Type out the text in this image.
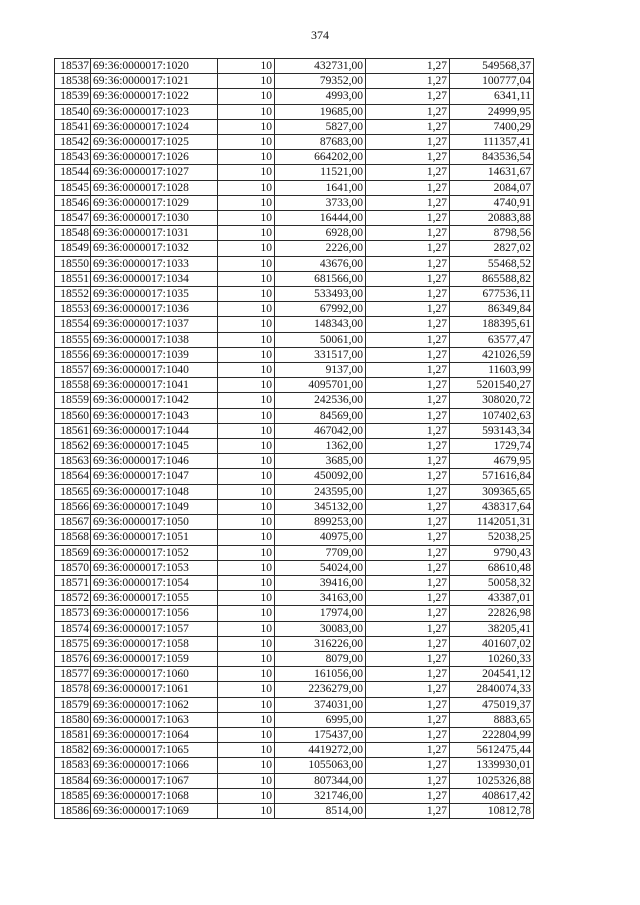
374
18537	69:36:0000017:1020	10	432731,00	1,27	549568,37
18538	69:36:0000017:1021	10	79352,00	1,27	100777,04
18539	69:36:0000017:1022	10	4993,00	1,27	6341,11
18540	69:36:0000017:1023	10	19685,00	1,27	24999,95
18541	69:36:0000017:1024	10	5827,00	1,27	7400,29
18542	69:36:0000017:1025	10	87683,00	1,27	111357,41
18543	69:36:0000017:1026	10	664202,00	1,27	843536,54
18544	69:36:0000017:1027	10	11521,00	1,27	14631,67
18545	69:36:0000017:1028	10	1641,00	1,27	2084,07
18546	69:36:0000017:1029	10	3733,00	1,27	4740,91
18547	69:36:0000017:1030	10	16444,00	1,27	20883,88
18548	69:36:0000017:1031	10	6928,00	1,27	8798,56
18549	69:36:0000017:1032	10	2226,00	1,27	2827,02
18550	69:36:0000017:1033	10	43676,00	1,27	55468,52
18551	69:36:0000017:1034	10	681566,00	1,27	865588,82
18552	69:36:0000017:1035	10	533493,00	1,27	677536,11
18553	69:36:0000017:1036	10	67992,00	1,27	86349,84
18554	69:36:0000017:1037	10	148343,00	1,27	188395,61
18555	69:36:0000017:1038	10	50061,00	1,27	63577,47
18556	69:36:0000017:1039	10	331517,00	1,27	421026,59
18557	69:36:0000017:1040	10	9137,00	1,27	11603,99
18558	69:36:0000017:1041	10	4095701,00	1,27	5201540,27
18559	69:36:0000017:1042	10	242536,00	1,27	308020,72
18560	69:36:0000017:1043	10	84569,00	1,27	107402,63
18561	69:36:0000017:1044	10	467042,00	1,27	593143,34
18562	69:36:0000017:1045	10	1362,00	1,27	1729,74
18563	69:36:0000017:1046	10	3685,00	1,27	4679,95
18564	69:36:0000017:1047	10	450092,00	1,27	571616,84
18565	69:36:0000017:1048	10	243595,00	1,27	309365,65
18566	69:36:0000017:1049	10	345132,00	1,27	438317,64
18567	69:36:0000017:1050	10	899253,00	1,27	1142051,31
18568	69:36:0000017:1051	10	40975,00	1,27	52038,25
18569	69:36:0000017:1052	10	7709,00	1,27	9790,43
18570	69:36:0000017:1053	10	54024,00	1,27	68610,48
18571	69:36:0000017:1054	10	39416,00	1,27	50058,32
18572	69:36:0000017:1055	10	34163,00	1,27	43387,01
18573	69:36:0000017:1056	10	17974,00	1,27	22826,98
18574	69:36:0000017:1057	10	30083,00	1,27	38205,41
18575	69:36:0000017:1058	10	316226,00	1,27	401607,02
18576	69:36:0000017:1059	10	8079,00	1,27	10260,33
18577	69:36:0000017:1060	10	161056,00	1,27	204541,12
18578	69:36:0000017:1061	10	2236279,00	1,27	2840074,33
18579	69:36:0000017:1062	10	374031,00	1,27	475019,37
18580	69:36:0000017:1063	10	6995,00	1,27	8883,65
18581	69:36:0000017:1064	10	175437,00	1,27	222804,99
18582	69:36:0000017:1065	10	4419272,00	1,27	5612475,44
18583	69:36:0000017:1066	10	1055063,00	1,27	1339930,01
18584	69:36:0000017:1067	10	807344,00	1,27	1025326,88
18585	69:36:0000017:1068	10	321746,00	1,27	408617,42
18586	69:36:0000017:1069	10	8514,00	1,27	10812,78
